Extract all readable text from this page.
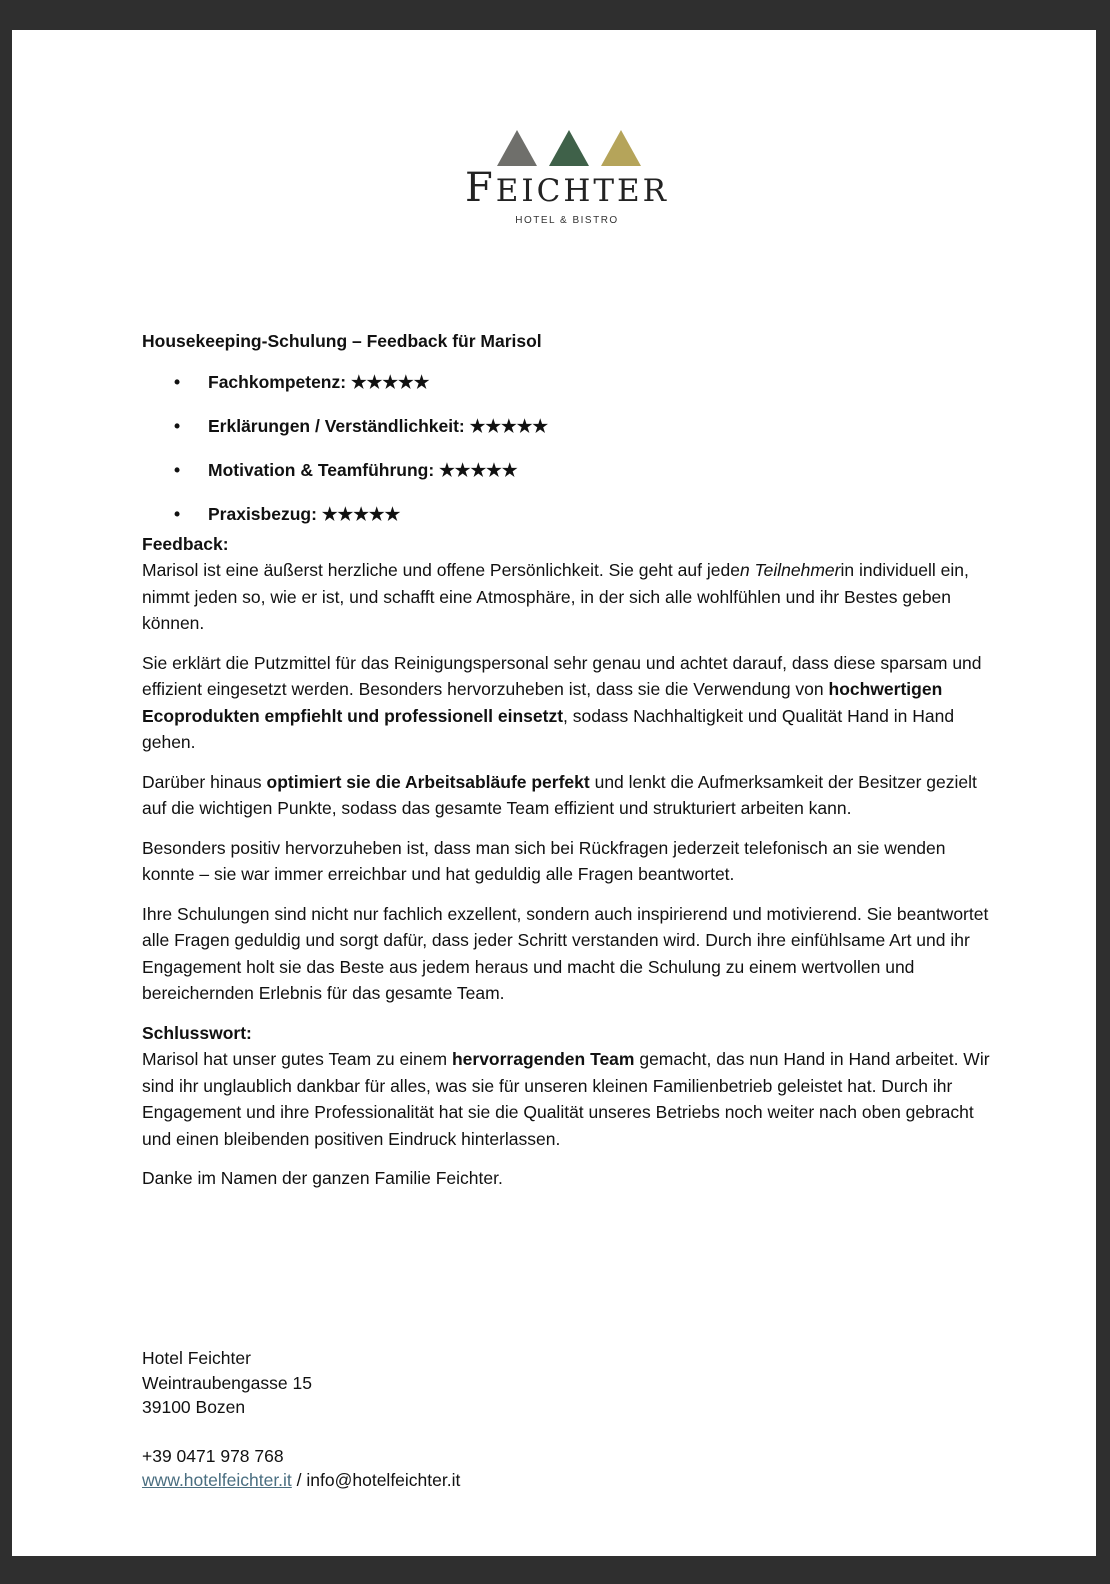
FEICHTER
HOTEL & BISTRO
Housekeeping-Schulung – Feedback für Marisol
• Fachkompetenz: ★★★★★
• Erklärungen / Verständlichkeit: ★★★★★
• Motivation & Teamführung: ★★★★★
• Praxisbezug: ★★★★★

Feedback:
Marisol ist eine äußerst herzliche und offene Persönlichkeit. Sie geht auf jeden Teilnehmerin individuell ein, nimmt jeden so, wie er ist, und schafft eine Atmosphäre, in der sich alle wohlfühlen und ihr Bestes geben können.

Sie erklärt die Putzmittel für das Reinigungspersonal sehr genau und achtet darauf, dass diese sparsam und effizient eingesetzt werden. Besonders hervorzuheben ist, dass sie die Verwendung von hochwertigen Ecoprodukten empfiehlt und professionell einsetzt, sodass Nachhaltigkeit und Qualität Hand in Hand gehen.

Darüber hinaus optimiert sie die Arbeitsabläufe perfekt und lenkt die Aufmerksamkeit der Besitzer gezielt auf die wichtigen Punkte, sodass das gesamte Team effizient und strukturiert arbeiten kann.

Besonders positiv hervorzuheben ist, dass man sich bei Rückfragen jederzeit telefonisch an sie wenden konnte – sie war immer erreichbar und hat geduldig alle Fragen beantwortet.

Ihre Schulungen sind nicht nur fachlich exzellent, sondern auch inspirierend und motivierend. Sie beantwortet alle Fragen geduldig und sorgt dafür, dass jeder Schritt verstanden wird. Durch ihre einfühlsame Art und ihr Engagement holt sie das Beste aus jedem heraus und macht die Schulung zu einem wertvollen und bereichernden Erlebnis für das gesamte Team.

Schlusswort:
Marisol hat unser gutes Team zu einem hervorragenden Team gemacht, das nun Hand in Hand arbeitet. Wir sind ihr unglaublich dankbar für alles, was sie für unseren kleinen Familienbetrieb geleistet hat. Durch ihr Engagement und ihre Professionalität hat sie die Qualität unseres Betriebs noch weiter nach oben gebracht und einen bleibenden positiven Eindruck hinterlassen.

Danke im Namen der ganzen Familie Feichter.

Hotel Feichter
Weintraubengasse 15
39100 Bozen
+39 0471 978 768
www.hotelfeichter.it / info@hotelfeichter.it
